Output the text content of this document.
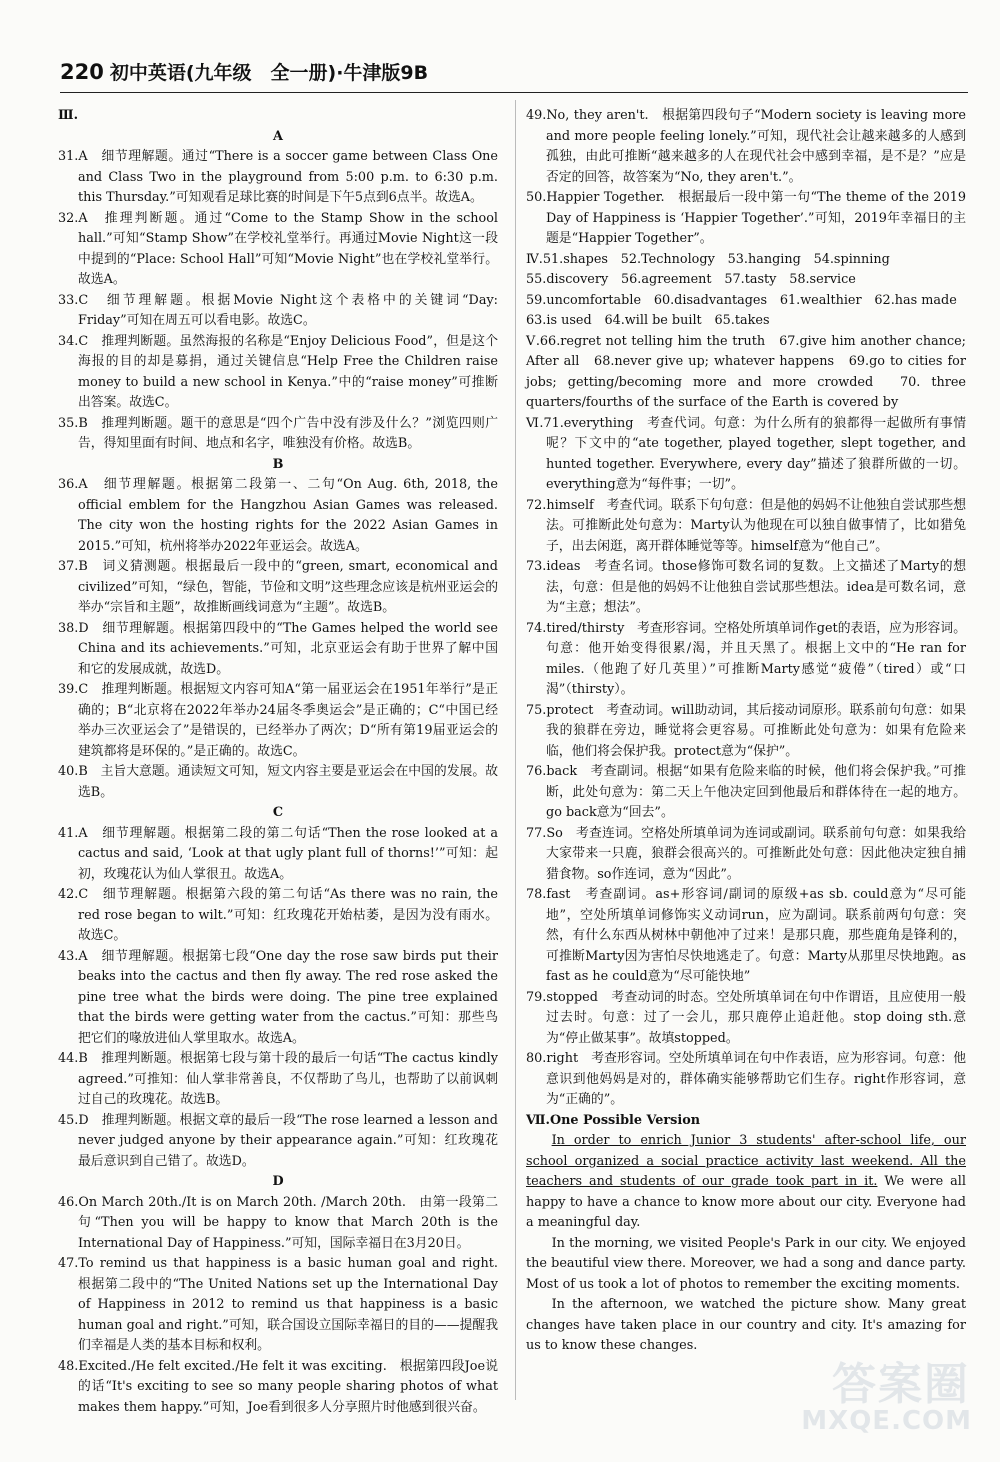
220 初中英语(九年级　全一册)·牛津版9B

Ⅲ.

A

31.A　细节理解题。通过“There is a soccer game between Class One and Class Two in the playground from 5:00 p.m. to 6:30 p.m. this Thursday.”可知观看足球比赛的时间是下午5点到6点半。故选A。

32.A　推理判断题。通过“Come to the Stamp Show in the school hall.”可知“Stamp Show”在学校礼堂举行。再通过Movie Night这一段中提到的“Place: School Hall”可知“Movie Night”也在学校礼堂举行。故选A。

33.C　细节理解题。根据Movie Night这个表格中的关键词“Day: Friday”可知在周五可以看电影。故选C。

34.C　推理判断题。虽然海报的名称是“Enjoy Delicious Food”，但是这个海报的目的却是募捐，通过关键信息“Help Free the Children raise money to build a new school in Kenya.”中的“raise money”可推断出答案。故选C。

35.B　推理判断题。题干的意思是“四个广告中没有涉及什么？”浏览四则广告，得知里面有时间、地点和名字，唯独没有价格。故选B。

B

36.A　细节理解题。根据第二段第一、二句“On Aug. 6th, 2018, the official emblem for the Hangzhou Asian Games was released. The city won the hosting rights for the 2022 Asian Games in 2015.”可知，杭州将举办2022年亚运会。故选A。

37.B　词义猜测题。根据最后一段中的“green, smart, economical and civilized”可知，“绿色，智能，节俭和文明”这些理念应该是杭州亚运会的举办“宗旨和主题”，故推断画线词意为“主题”。故选B。

38.D　细节理解题。根据第四段中的“The Games helped the world see China and its achievements.”可知，北京亚运会有助于世界了解中国和它的发展成就，故选D。

39.C　推理判断题。根据短文内容可知A“第一届亚运会在1951年举行”是正确的；B“北京将在2022年举办24届冬季奥运会”是正确的；C“中国已经举办三次亚运会了”是错误的，已经举办了两次；D“所有第19届亚运会的建筑都将是环保的。”是正确的。故选C。

40.B　主旨大意题。通读短文可知，短文内容主要是亚运会在中国的发展。故选B。

C

41.A　细节理解题。根据第二段的第二句话“Then the rose looked at a cactus and said, ‘Look at that ugly plant full of thorns!’”可知：起初，玫瑰花认为仙人掌很丑。故选A。

42.C　细节理解题。根据第六段的第二句话“As there was no rain, the red rose began to wilt.”可知：红玫瑰花开始枯萎，是因为没有雨水。故选C。

43.A　细节理解题。根据第七段“One day the rose saw birds put their beaks into the cactus and then fly away. The red rose asked the pine tree what the birds were doing. The pine tree explained that the birds were getting water from the cactus.”可知：那些鸟把它们的喙放进仙人掌里取水。故选A。

44.B　推理判断题。根据第七段与第十段的最后一句话“The cactus kindly agreed.”可推知：仙人掌非常善良，不仅帮助了鸟儿，也帮助了以前讽刺过自己的玫瑰花。故选B。

45.D　推理判断题。根据文章的最后一段“The rose learned a lesson and never judged anyone by their appearance again.”可知：红玫瑰花最后意识到自己错了。故选D。

D

46.On March 20th./It is on March 20th. /March 20th.　由第一段第二句“Then you will be happy to know that March 20th is the International Day of Happiness.”可知，国际幸福日在3月20日。

47.To remind us that happiness is a basic human goal and right.　根据第二段中的“The United Nations set up the International Day of Happiness in 2012 to remind us that happiness is a basic human goal and right.”可知，联合国设立国际幸福日的目的——提醒我们幸福是人类的基本目标和权利。

48.Excited./He felt excited./He felt it was exciting.　根据第四段Joe说的话“It's exciting to see so many people sharing photos of what makes them happy.”可知，Joe看到很多人分享照片时他感到很兴奋。

49.No, they aren't.　根据第四段句子“Modern society is leaving more and more people feeling lonely.”可知，现代社会让越来越多的人感到孤独，由此可推断“越来越多的人在现代社会中感到幸福，是不是？”应是否定的回答，故答案为“No, they aren't.”。

50.Happier Together.　根据最后一段中第一句“The theme of the 2019 Day of Happiness is ‘Happier Together’.”可知，2019年幸福日的主题是“Happier Together”。

Ⅳ.51.shapes　52.Technology　53.hanging　54.spinning

55.discovery　56.agreement　57.tasty　58.service

59.uncomfortable　60.disadvantages　61.wealthier　62.has made

63.is used　64.will be built　65.takes

Ⅴ.66.regret not telling him the truth　67.give him another chance; After all　68.never give up; whatever happens　69.go to cities for jobs; getting/becoming more and more crowded　70. three quarters/fourths of the surface of the Earth is covered by

Ⅵ.71.everything　考查代词。句意：为什么所有的狼都得一起做所有事情呢？下文中的“ate together, played together, slept together, and hunted together. Everywhere, every day”描述了狼群所做的一切。everything意为“每件事；一切”。

72.himself　考查代词。联系下句句意：但是他的妈妈不让他独自尝试那些想法。可推断此处句意为：Marty认为他现在可以独自做事情了，比如猎兔子，出去闲逛，离开群体睡觉等等。himself意为“他自己”。

73.ideas　考查名词。those修饰可数名词的复数。上文描述了Marty的想法，句意：但是他的妈妈不让他独自尝试那些想法。idea是可数名词，意为“主意；想法”。

74.tired/thirsty　考查形容词。空格处所填单词作get的表语，应为形容词。句意：他开始变得很累/渴，并且天黑了。根据上文中的“He ran for miles.（他跑了好几英里）”可推断Marty感觉“疲倦”（tired）或“口渴”（thirsty）。

75.protect　考查动词。will助动词，其后接动词原形。联系前句句意：如果我的狼群在旁边，睡觉将会更容易。可推断此处句意为：如果有危险来临，他们将会保护我。protect意为“保护”。

76.back　考查副词。根据“如果有危险来临的时候，他们将会保护我。”可推断，此处句意为：第二天上午他决定回到他最后和群体待在一起的地方。go back意为“回去”。

77.So　考查连词。空格处所填单词为连词或副词。联系前句句意：如果我给大家带来一只鹿，狼群会很高兴的。可推断此处句意：因此他决定独自捕猎食物。so作连词，意为“因此”。

78.fast　考查副词。as+形容词/副词的原级+as sb. could意为“尽可能地”，空处所填单词修饰实义动词run，应为副词。联系前两句句意：突然，有什么东西从树林中朝他冲了过来！是那只鹿，那些鹿角是锋利的，可推断Marty因为害怕尽快地逃走了。句意：Marty从那里尽快地跑。as fast as he could意为“尽可能快地”

79.stopped　考查动词的时态。空处所填单词在句中作谓语，且应使用一般过去时。句意：过了一会儿，那只鹿停止追赶他。stop doing sth.意为“停止做某事”。故填stopped。

80.right　考查形容词。空处所填单词在句中作表语，应为形容词。句意：他意识到他妈妈是对的，群体确实能够帮助它们生存。right作形容词，意为“正确的”。

Ⅶ.One Possible Version

In order to enrich Junior 3 students' after-school life, our school organized a social practice activity last weekend. All the teachers and students of our grade took part in it. We were all happy to have a chance to know more about our city. Everyone had a meaningful day.

In the morning, we visited People's Park in our city. We enjoyed the beautiful view there. Moreover, we had a song and dance party. Most of us took a lot of photos to remember the exciting moments.

In the afternoon, we watched the picture show. Many great changes have taken place in our country and city. It's amazing for us to know these changes.

答案圈
MXQE.COM
